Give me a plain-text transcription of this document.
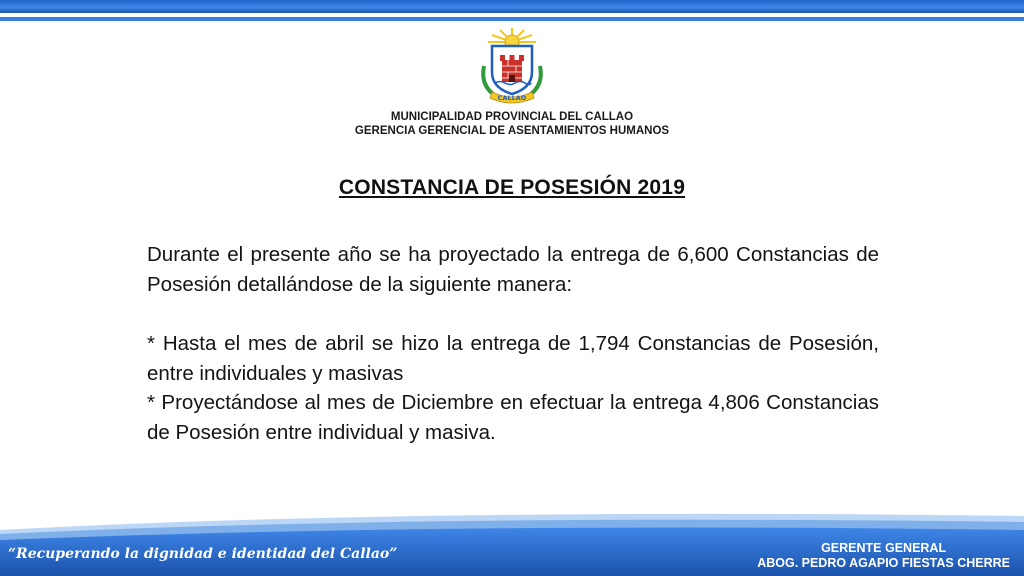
CALLAO
MUNICIPALIDAD PROVINCIAL DEL CALLAO
GERENCIA GERENCIAL DE ASENTAMIENTOS HUMANOS
CONSTANCIA DE POSESIÓN 2019

Durante el presente año se ha proyectado la entrega de 6,600 Constancias de Posesión detallándose de la siguiente manera:

* Hasta el mes de abril se hizo la entrega de 1,794 Constancias de Posesión, entre individuales y masivas

* Proyectándose al mes de Diciembre en efectuar la entrega 4,806 Constancias de Posesión entre individual y masiva.

“Recuperando la dignidad e identidad del Callao”	GERENTE GENERAL
ABOG. PEDRO AGAPIO FIESTAS CHERRE
